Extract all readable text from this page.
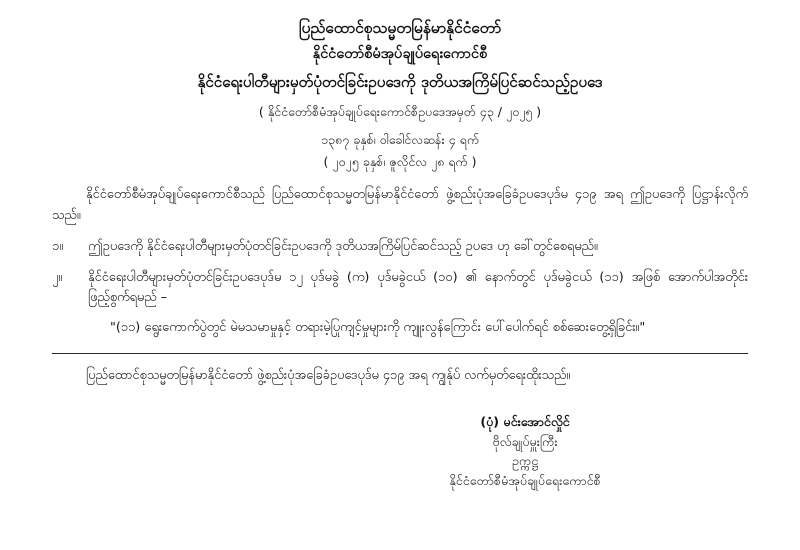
ပြည်ထောင်စုသမ္မတမြန်မာနိုင်ငံတော်
နိုင်ငံတော်စီမံအုပ်ချုပ်ရေးကောင်စီ
နိုင်ငံရေးပါတီများမှတ်ပုံတင်ခြင်းဥပဒေကို ဒုတိယအကြိမ်ပြင်ဆင်သည့်ဥပဒေ
( နိုင်ငံတော်စီမံအုပ်ချုပ်ရေးကောင်စီဥပဒေအမှတ် ၄၃ / ၂၀၂၅ )
၁၃၈၇ ခုနှစ်၊ ဝါခေါင်လဆန်း ၄ ရက်
( ၂၀၂၅ ခုနှစ်၊ ဇူလိုင်လ ၂၈ ရက် )
နိုင်ငံတော်စီမံအုပ်ချုပ်ရေးကောင်စီသည် ပြည်ထောင်စုသမ္မတမြန်မာနိုင်ငံတော် ဖွဲ့စည်းပုံအခြေခံဥပဒေပုဒ်မ ၄၁၉ အရ ဤဥပဒေကို ပြဋ္ဌာန်းလိုက်သည်။
၁။	ဤဥပဒေကို နိုင်ငံရေးပါတီများမှတ်ပုံတင်ခြင်းဥပဒေကို ဒုတိယအကြိမ်ပြင်ဆင်သည့် ဥပဒေ ဟု ခေါ်တွင်စေရမည်။
၂။	နိုင်ငံရေးပါတီများမှတ်ပုံတင်ခြင်းဥပဒေပုဒ်မ ၁၂ ပုဒ်မခွဲ (က) ပုဒ်မခွဲငယ် (၁၀) ၏ နောက်တွင် ပုဒ်မခွဲငယ် (၁၁) အဖြစ် အောက်ပါအတိုင်း ဖြည့်စွက်ရမည် –
"(၁၁) ရွေးကောက်ပွဲတွင် မဲမသမာမှုနှင့် တရားမဲ့ပြုကျင့်မှုများကို ကျူးလွန်ကြောင်း ပေါ်ပေါက်ရင် စစ်ဆေးတွေ့ရှိခြင်း။"
ပြည်ထောင်စုသမ္မတမြန်မာနိုင်ငံတော် ဖွဲ့စည်းပုံအခြေခံဥပဒေပုဒ်မ ၄၁၉ အရ ကျွန်ုပ် လက်မှတ်ရေးထိုးသည်။
(ပုံ) မင်းအောင်လှိုင်
ဗိုလ်ချုပ်မှူးကြီး
ဥက္ကဋ္ဌ
နိုင်ငံတော်စီမံအုပ်ချုပ်ရေးကောင်စီ
